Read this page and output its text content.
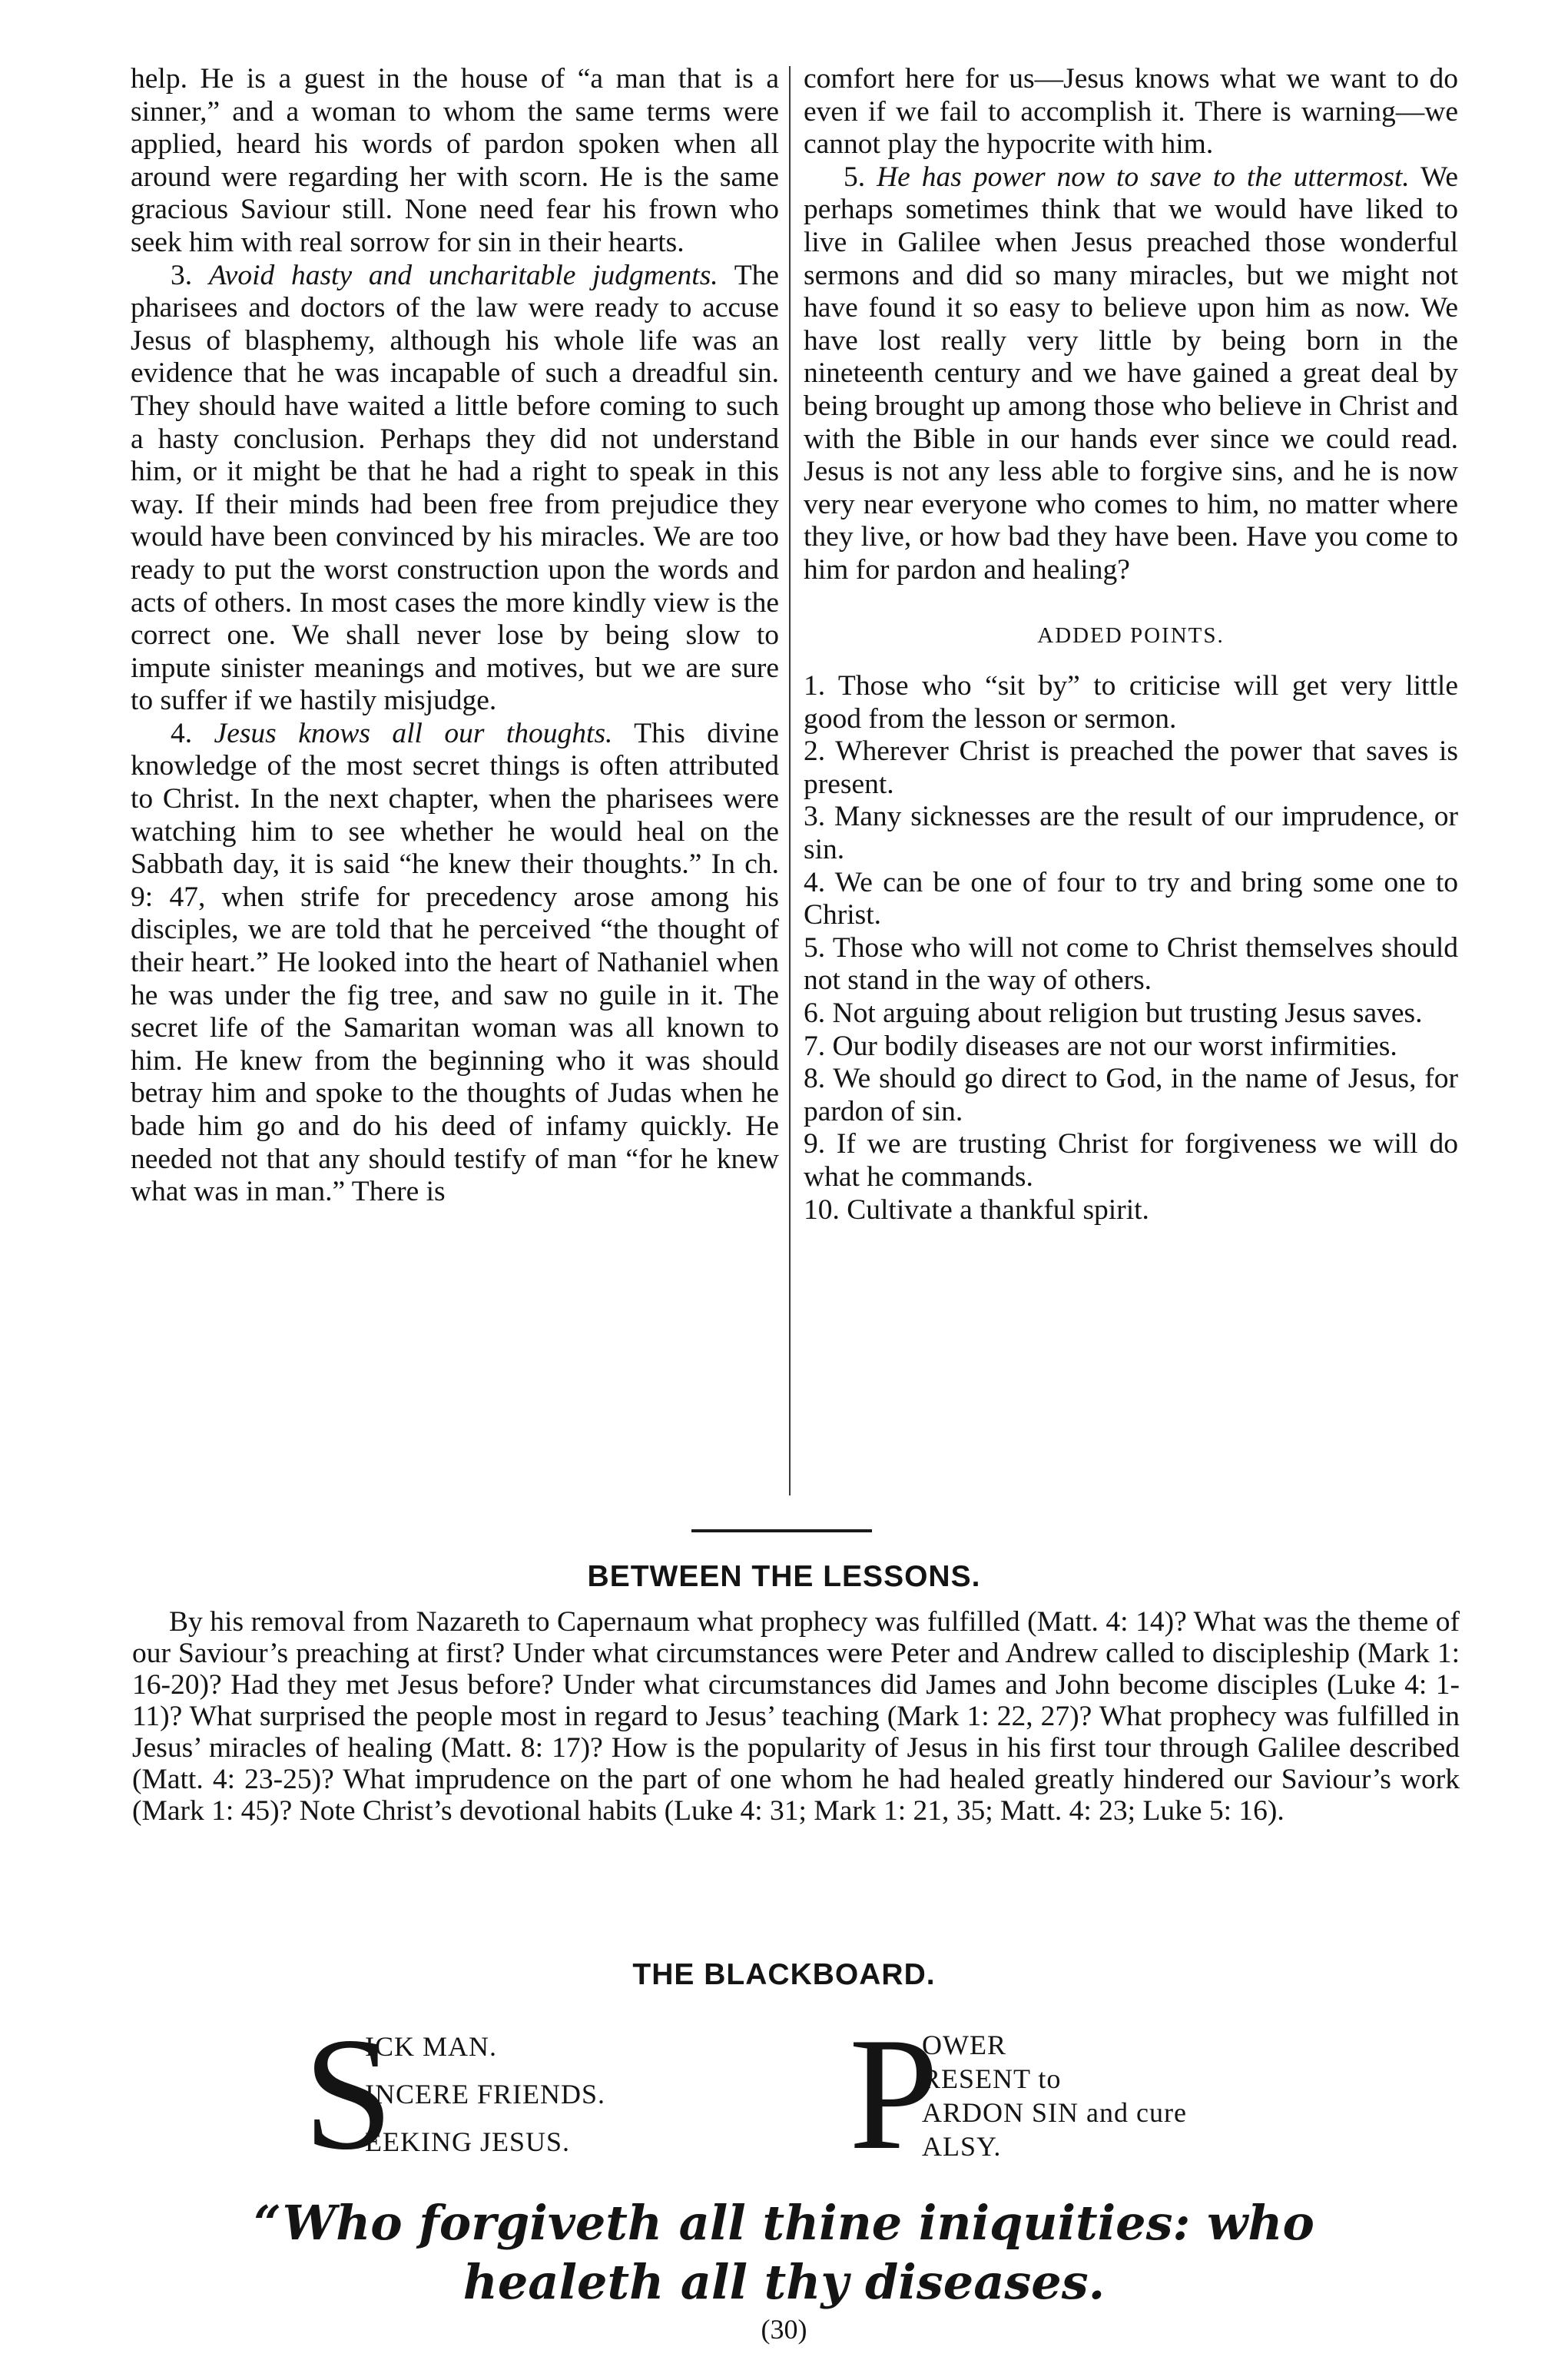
help. He is a guest in the house of “a man that is a sinner,” and a woman to whom the same terms were applied, heard his words of pardon spoken when all around were regarding her with scorn. He is the same gracious Saviour still. None need fear his frown who seek him with real sorrow for sin in their hearts.

3. Avoid hasty and uncharitable judgments. The pharisees and doctors of the law were ready to accuse Jesus of blasphemy, although his whole life was an evidence that he was incapable of such a dreadful sin. They should have waited a little before coming to such a hasty conclusion. Perhaps they did not understand him, or it might be that he had a right to speak in this way. If their minds had been free from prejudice they would have been convinced by his miracles. We are too ready to put the worst construction upon the words and acts of others. In most cases the more kindly view is the correct one. We shall never lose by being slow to impute sinister meanings and motives, but we are sure to suffer if we hastily misjudge.

4. Jesus knows all our thoughts. This divine knowledge of the most secret things is often attributed to Christ. In the next chapter, when the pharisees were watching him to see whether he would heal on the Sabbath day, it is said “he knew their thoughts.” In ch. 9: 47, when strife for precedency arose among his disciples, we are told that he perceived “the thought of their heart.” He looked into the heart of Nathaniel when he was under the fig tree, and saw no guile in it. The secret life of the Samaritan woman was all known to him. He knew from the beginning who it was should betray him and spoke to the thoughts of Judas when he bade him go and do his deed of infamy quickly. He needed not that any should testify of man “for he knew what was in man.” There is

comfort here for us—Jesus knows what we want to do even if we fail to accomplish it. There is warning—we cannot play the hypocrite with him.

5. He has power now to save to the uttermost. We perhaps sometimes think that we would have liked to live in Galilee when Jesus preached those wonderful sermons and did so many miracles, but we might not have found it so easy to believe upon him as now. We have lost really very little by being born in the nineteenth century and we have gained a great deal by being brought up among those who believe in Christ and with the Bible in our hands ever since we could read. Jesus is not any less able to forgive sins, and he is now very near everyone who comes to him, no matter where they live, or how bad they have been. Have you come to him for pardon and healing?

ADDED POINTS.

1. Those who “sit by” to criticise will get very little good from the lesson or sermon.

2. Wherever Christ is preached the power that saves is present.

3. Many sicknesses are the result of our imprudence, or sin.

4. We can be one of four to try and bring some one to Christ.

5. Those who will not come to Christ themselves should not stand in the way of others.

6. Not arguing about religion but trusting Jesus saves.

7. Our bodily diseases are not our worst infirmities.

8. We should go direct to God, in the name of Jesus, for pardon of sin.

9. If we are trusting Christ for forgiveness we will do what he commands.

10. Cultivate a thankful spirit.

BETWEEN THE LESSONS.

By his removal from Nazareth to Capernaum what prophecy was fulfilled (Matt. 4: 14)? What was the theme of our Saviour’s preaching at first? Under what circumstances were Peter and Andrew called to discipleship (Mark 1: 16-20)? Had they met Jesus before? Under what circumstances did James and John become disciples (Luke 4: 1-11)? What surprised the people most in regard to Jesus’ teaching (Mark 1: 22, 27)? What prophecy was fulfilled in Jesus’ miracles of healing (Matt. 8: 17)? How is the popularity of Jesus in his first tour through Galilee described (Matt. 4: 23-25)? What imprudence on the part of one whom he had healed greatly hindered our Saviour’s work (Mark 1: 45)? Note Christ’s devotional habits (Luke 4: 31; Mark 1: 21, 35; Matt. 4: 23; Luke 5: 16).

THE BLACKBOARD.
S
ICK MAN.
INCERE FRIENDS.
EEKING JESUS. P
OWER
RESENT to
ARDON SIN and cure
ALSY.
“Who forgiveth all thine iniquities: who
healeth all thy diseases.
(30)
